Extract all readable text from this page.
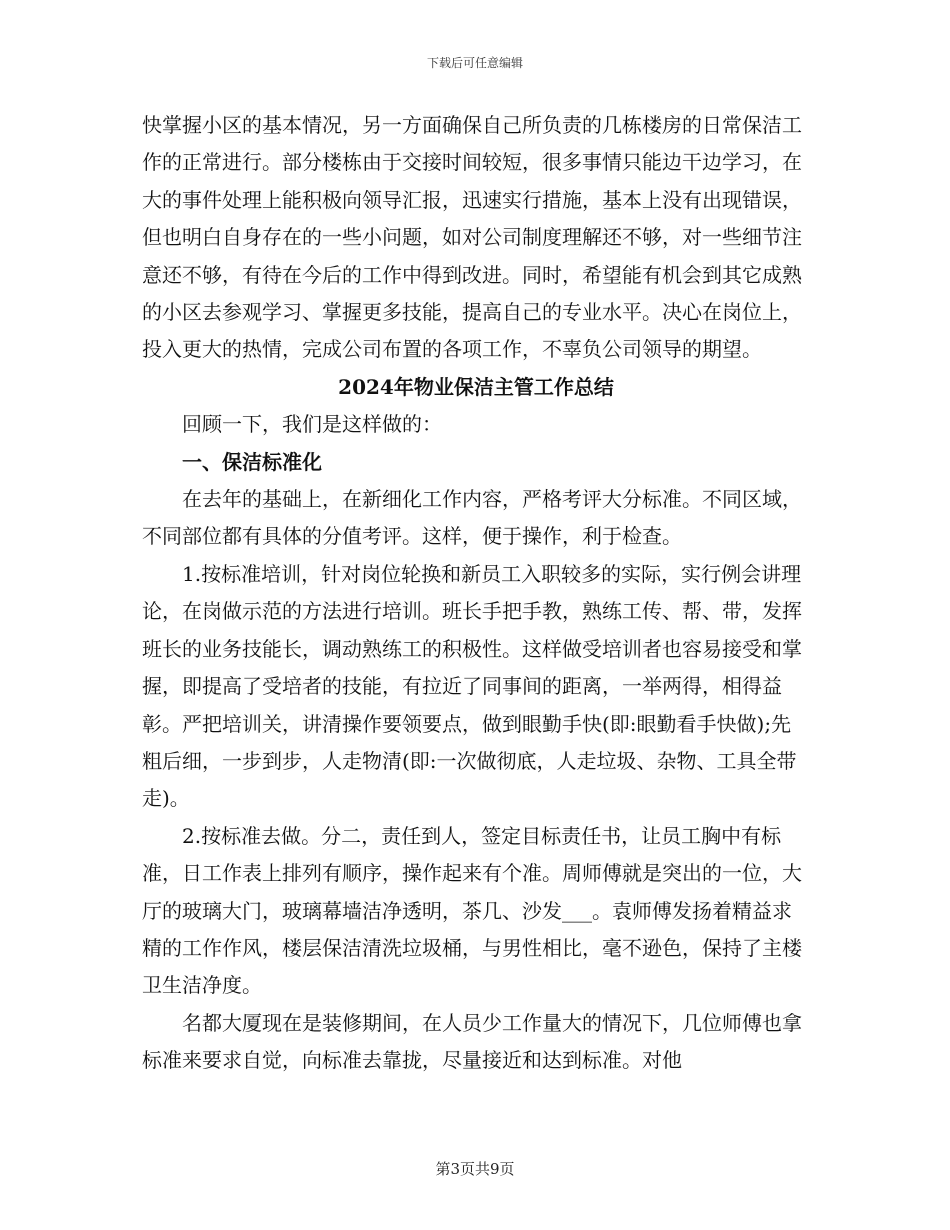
下载后可任意编辑

快掌握小区的基本情况，另一方面确保自己所负责的几栋楼房的日常保洁工作的正常进行。部分楼栋由于交接时间较短，很多事情只能边干边学习，在大的事件处理上能积极向领导汇报，迅速实行措施，基本上没有出现错误，但也明白自身存在的一些小问题，如对公司制度理解还不够，对一些细节注意还不够，有待在今后的工作中得到改进。同时，希望能有机会到其它成熟的小区去参观学习、掌握更多技能，提高自己的专业水平。决心在岗位上，投入更大的热情，完成公司布置的各项工作，不辜负公司领导的期望。

2024年物业保洁主管工作总结

回顾一下，我们是这样做的：

一、保洁标准化

在去年的基础上，在新细化工作内容，严格考评大分标准。不同区域，不同部位都有具体的分值考评。这样，便于操作，利于检查。

1.按标准培训，针对岗位轮换和新员工入职较多的实际，实行例会讲理论，在岗做示范的方法进行培训。班长手把手教，熟练工传、帮、带，发挥班长的业务技能长，调动熟练工的积极性。这样做受培训者也容易接受和掌握，即提高了受培者的技能，有拉近了同事间的距离，一举两得，相得益彰。严把培训关，讲清操作要领要点，做到眼勤手快(即:眼勤看手快做);先粗后细，一步到步，人走物清(即:一次做彻底，人走垃圾、杂物、工具全带走)。

2.按标准去做。分二，责任到人，签定目标责任书，让员工胸中有标准，日工作表上排列有顺序，操作起来有个准。周师傅就是突出的一位，大厅的玻璃大门，玻璃幕墙洁净透明，茶几、沙发___。袁师傅发扬着精益求精的工作作风，楼层保洁清洗垃圾桶，与男性相比，毫不逊色，保持了主楼卫生洁净度。

名都大厦现在是装修期间，在人员少工作量大的情况下，几位师傅也拿标准来要求自觉，向标准去靠拢，尽量接近和达到标准。对他

第3页共9页
